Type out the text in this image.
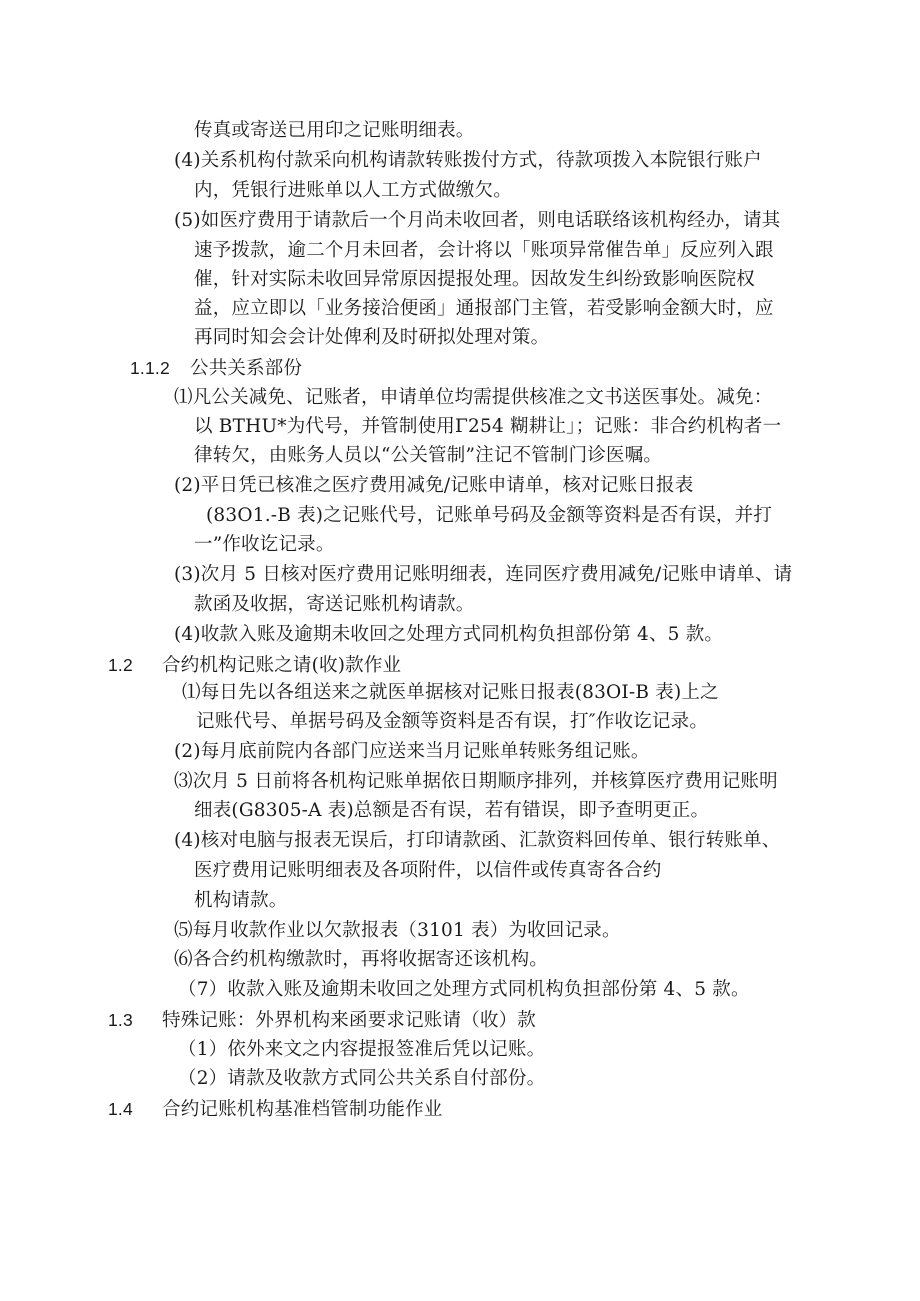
传真或寄送已用印之记账明细表。
(4)关系机构付款采向机构请款转账拨付方式，待款项拨入本院银行账户
内，凭银行进账单以人工方式做缴欠。
(5)如医疗费用于请款后一个月尚未收回者，则电话联络该机构经办，请其
速予拨款，逾二个月未回者，会计将以「账项异常催告单」反应列入跟
催，针对实际未收回异常原因提报处理。因故发生纠纷致影响医院权
益，应立即以「业务接洽便函」通报部门主管，若受影响金额大时，应
再同时知会会计处俾利及时研拟处理对策。
1.1.2 公共关系部份
⑴凡公关减免、记账者，申请单位均需提供核准之文书送医事处。减免：
以 BTHU*为代号，并管制使用Γ254 糊耕让」；记账：非合约机构者一
律转欠，由账务人员以“公关管制”注记不管制门诊医嘱。
(2)平日凭已核准之医疗费用减免/记账申请单，核对记账日报表
(83O1.-B 表)之记账代号，记账单号码及金额等资料是否有误，并打
一”作收讫记录。
(3)次月 5 日核对医疗费用记账明细表，连同医疗费用减免/记账申请单、请
款函及收据，寄送记账机构请款。
(4)收款入账及逾期未收回之处理方式同机构负担部份第 4、5 款。
1.2 合约机构记账之请(收)款作业
⑴每日先以各组送来之就医单据核对记账日报表(83OI-B 表)上之
记账代号、单据号码及金额等资料是否有误，打″作收讫记录。
(2)每月底前院内各部门应送来当月记账单转账务组记账。
⑶次月 5 日前将各机构记账单据依日期顺序排列，并核算医疗费用记账明
细表(G8305-A 表)总额是否有误，若有错误，即予查明更正。
(4)核对电脑与报表无误后，打印请款函、汇款资料回传单、银行转账单、
医疗费用记账明细表及各项附件，以信件或传真寄各合约
机构请款。
⑸每月收款作业以欠款报表（3101 表）为收回记录。
⑹各合约机构缴款时，再将收据寄还该机构。
（7）收款入账及逾期未收回之处理方式同机构负担部份第 4、5 款。
1.3 特殊记账：外界机构来函要求记账请（收）款
（1）依外来文之内容提报签准后凭以记账。
（2）请款及收款方式同公共关系自付部份。
1.4 合约记账机构基准档管制功能作业
